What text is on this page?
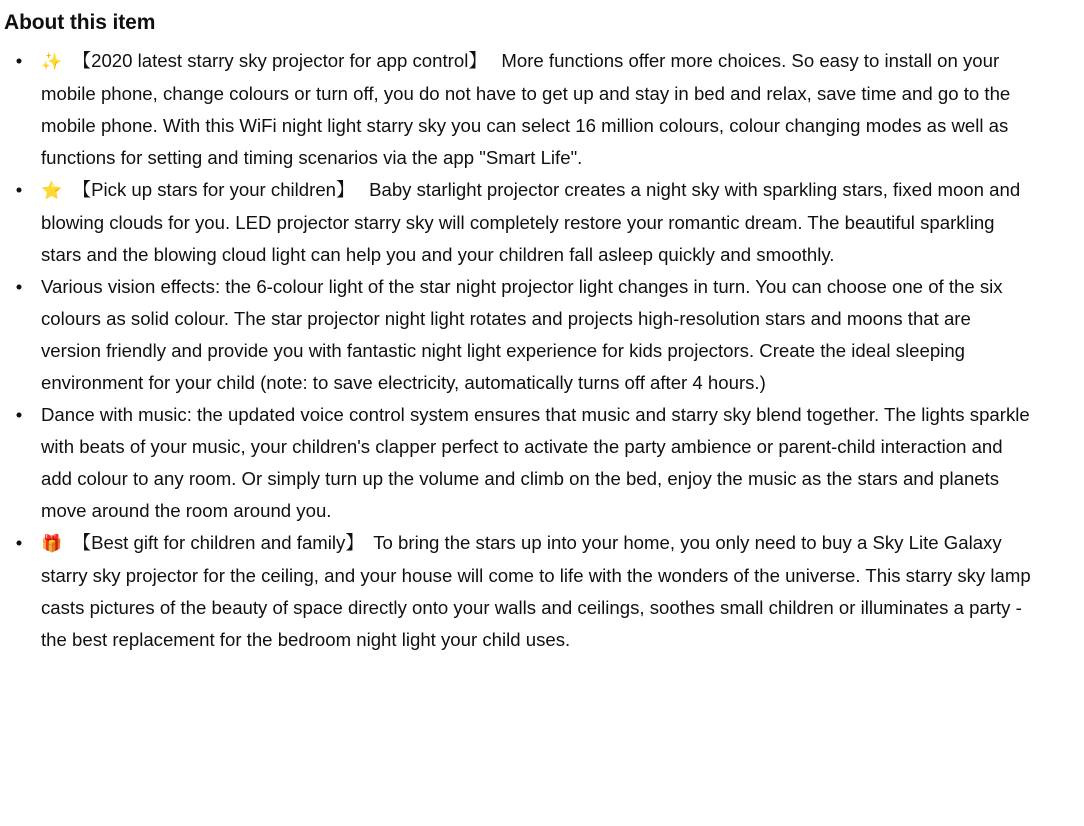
About this item
• ✨ 【2020 latest starry sky projector for app control】  More functions offer more choices. So easy to install on your mobile phone, change colours or turn off, you do not have to get up and stay in bed and relax, save time and go to the mobile phone. With this WiFi night light starry sky you can select 16 million colours, colour changing modes as well as functions for setting and timing scenarios via the app "Smart Life".
• ⭐ 【Pick up stars for your children】  Baby starlight projector creates a night sky with sparkling stars, fixed moon and blowing clouds for you. LED projector starry sky will completely restore your romantic dream. The beautiful sparkling stars and the blowing cloud light can help you and your children fall asleep quickly and smoothly.
• Various vision effects: the 6-colour light of the star night projector light changes in turn. You can choose one of the six colours as solid colour. The star projector night light rotates and projects high-resolution stars and moons that are version friendly and provide you with fantastic night light experience for kids projectors. Create the ideal sleeping environment for your child (note: to save electricity, automatically turns off after 4 hours.)
• Dance with music: the updated voice control system ensures that music and starry sky blend together. The lights sparkle with beats of your music, your children's clapper perfect to activate the party ambience or parent-child interaction and add colour to any room. Or simply turn up the volume and climb on the bed, enjoy the music as the stars and planets move around the room around you.
• 🎁 【Best gift for children and family】 To bring the stars up into your home, you only need to buy a Sky Lite Galaxy starry sky projector for the ceiling, and your house will come to life with the wonders of the universe. This starry sky lamp casts pictures of the beauty of space directly onto your walls and ceilings, soothes small children or illuminates a party - the best replacement for the bedroom night light your child uses.
